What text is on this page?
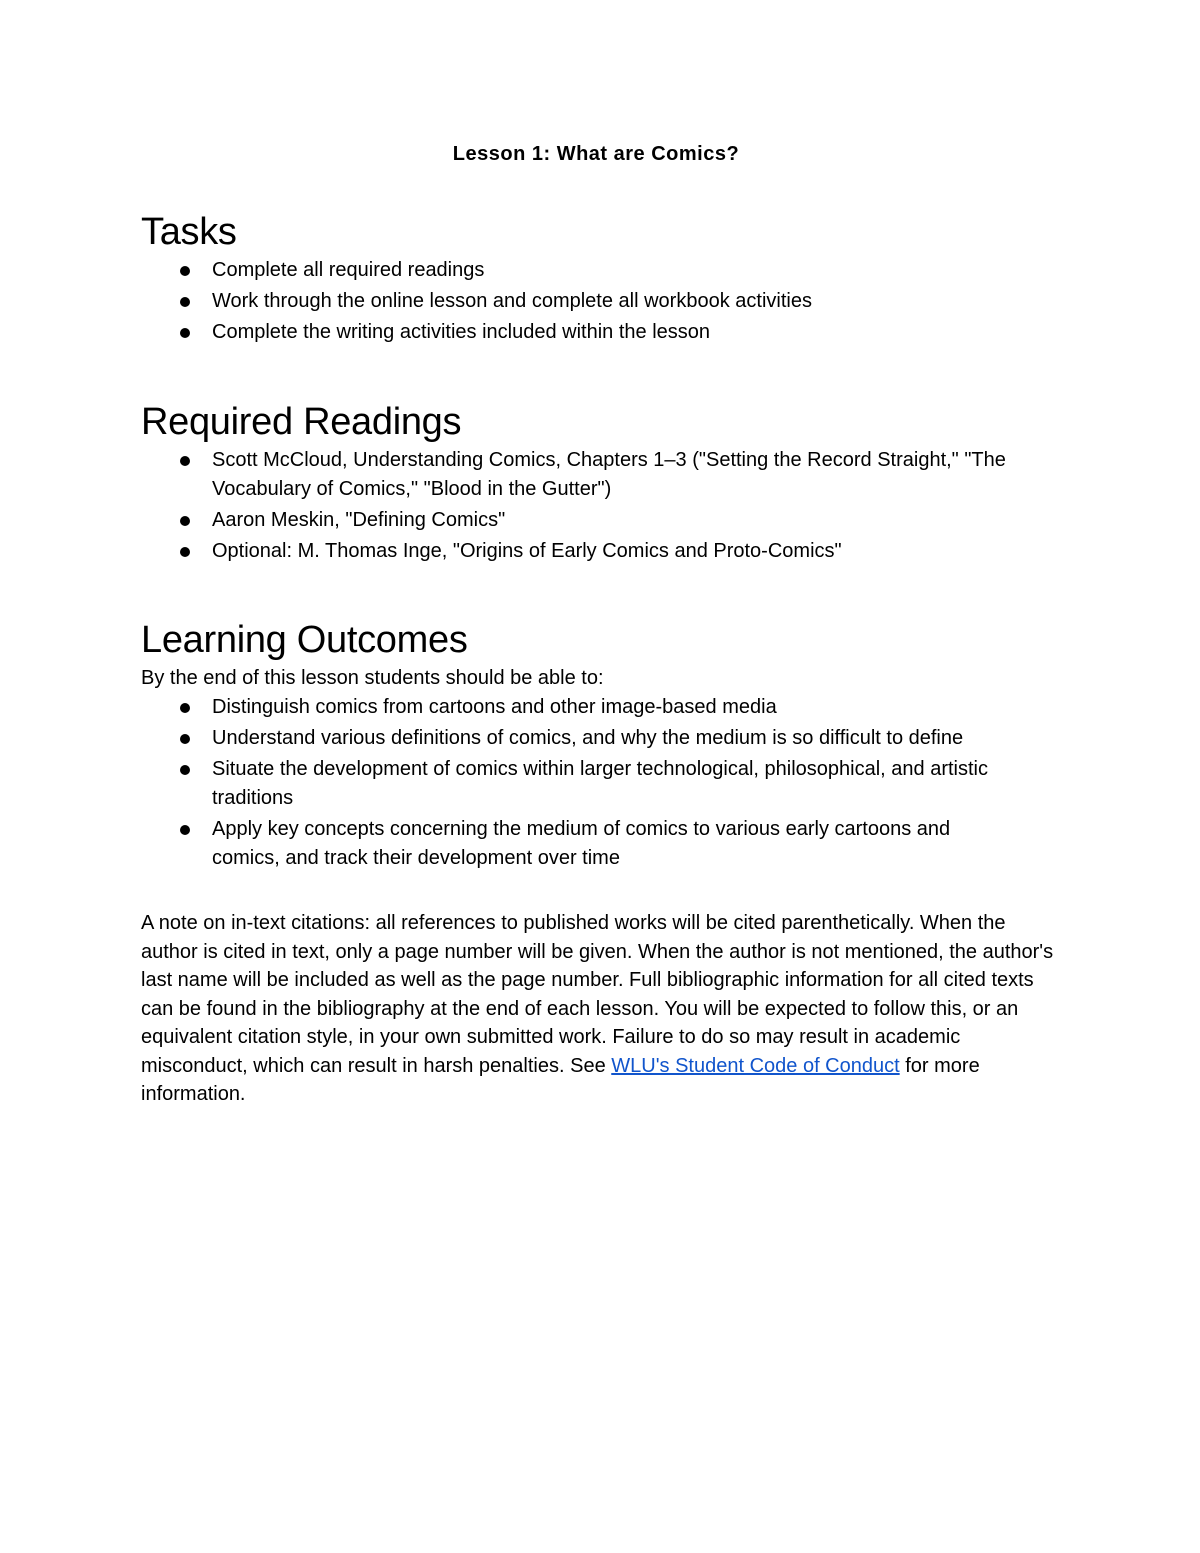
Lesson 1: What are Comics?

Tasks
Complete all required readings
Work through the online lesson and complete all workbook activities
Complete the writing activities included within the lesson
Required Readings
Scott McCloud, Understanding Comics, Chapters 1–3 ("Setting the Record Straight," "The Vocabulary of Comics," "Blood in the Gutter")
Aaron Meskin, "Defining Comics"
Optional: M. Thomas Inge, "Origins of Early Comics and Proto-Comics"
Learning Outcomes

By the end of this lesson students should be able to:

Distinguish comics from cartoons and other image-based media
Understand various definitions of comics, and why the medium is so difficult to define
Situate the development of comics within larger technological, philosophical, and artistic traditions
Apply key concepts concerning the medium of comics to various early cartoons and comics, and track their development over time

A note on in-text citations: all references to published works will be cited parenthetically. When the author is cited in text, only a page number will be given. When the author is not mentioned, the author's last name will be included as well as the page number. Full bibliographic information for all cited texts can be found in the bibliography at the end of each lesson. You will be expected to follow this, or an equivalent citation style, in your own submitted work. Failure to do so may result in academic misconduct, which can result in harsh penalties. See WLU's Student Code of Conduct for more information.
